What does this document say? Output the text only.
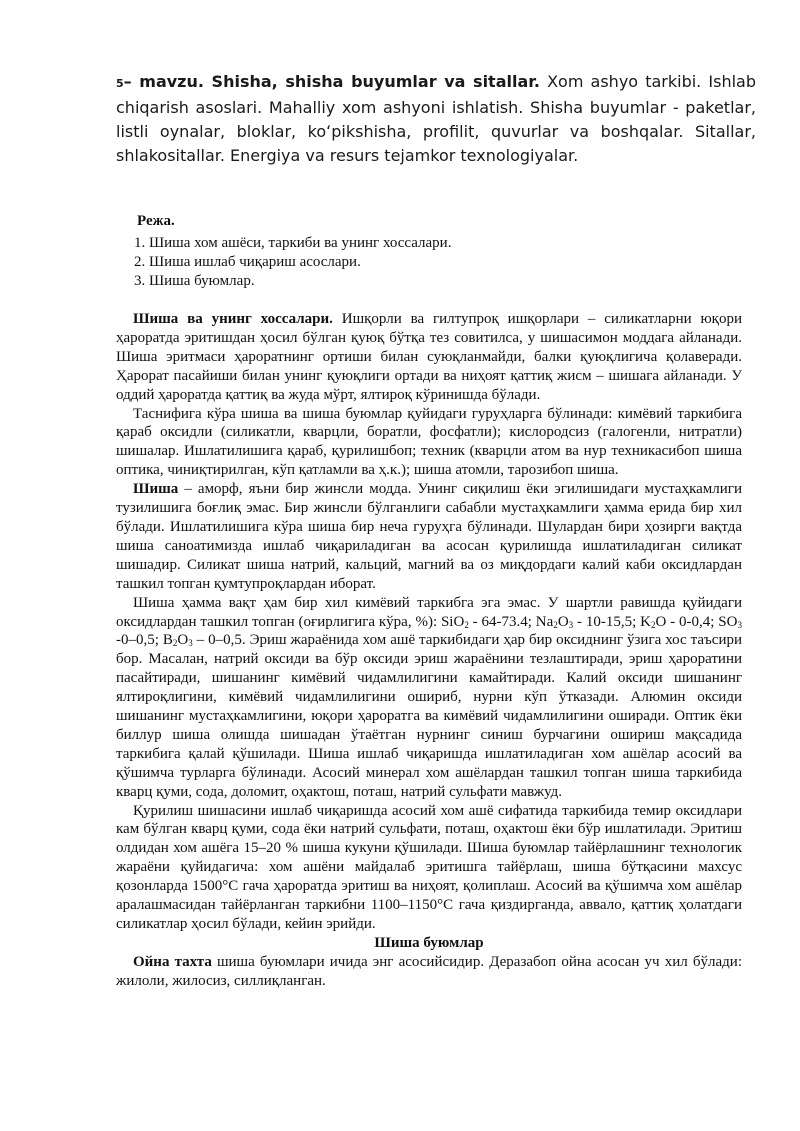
5– mavzu. Shisha, shisha buyumlar va sitallar. Xom ashyo tarkibi. Ishlab chiqarish asoslari. Mahalliy xom ashyoni ishlatish. Shisha buyumlar - paketlar, listli oynalar, bloklar, koʻpikshisha, profilit, quvurlar va boshqalar. Sitallar, shlakositallar. Energiya va resurs tejamkor texnologiyalar.
Режа.
1. Шиша хом ашёси, таркиби ва унинг хоссалари.
2. Шиша ишлаб чиқариш асослари.
3. Шиша буюмлар.

Шиша ва унинг хоссалари. Ишқорли ва гилтупроқ ишқорлари – силикатларни юқори ҳароратда эритишдан ҳосил бўлган қуюқ бўтқа тез совитилса, у шишасимон моддага айланади. Шиша эритмаси ҳароратнинг ортиши билан суюқланмайди, балки қуюқлигича қолаверади. Ҳарорат пасайиши билан унинг қуюқлиги ортади ва ниҳоят қаттиқ жисм – шишага айланади. У оддий ҳароратда қаттиқ ва жуда мўрт, ялтироқ кўринишда бўлади.

Таснифига кўра шиша ва шиша буюмлар қуйидаги гуруҳларга бўлинади: кимёвий таркибига қараб оксидли (силикатли, кварцли, боратли, фосфатли); кислородсиз (галогенли, нитратли) шишалар. Ишлатилишига қараб, қурилишбоп; техник (кварцли атом ва нур техникасибоп шиша оптика, чиниқтирилган, кўп қатламли ва ҳ.к.); шиша атомли, тарозибоп шиша.

Шиша – аморф, яъни бир жинсли модда. Унинг сиқилиш ёки эгилишидаги мустаҳкамлиги тузилишига боғлиқ эмас. Бир жинсли бўлганлиги сабабли мустаҳкамлиги ҳамма ерида бир хил бўлади. Ишлатилишига кўра шиша бир неча гуруҳга бўлинади. Шулардан бири ҳозирги вақтда шиша саноатимизда ишлаб чиқариладиган ва асосан қурилишда ишлатиладиган силикат шишадир. Силикат шиша натрий, кальций, магний ва оз миқдордаги калий каби оксидлардан ташкил топган қумтупроқлардан иборат.

Шиша ҳамма вақт ҳам бир хил кимёвий таркибга эга эмас. У шартли равишда қуйидаги оксидлардан ташкил топган (оғирлигига кўра, %): SiO$_2$ - 64-73.4; $Na_2O_3 - 10-15,5$; $K_2O - 0-0,4$; $SO_3$ -0–0,5; $B_2O_3 - 0-0,5$. Эриш жараёнида хом ашё таркибидаги ҳар бир оксиднинг ўзига хос таъсири бор. Масалан, натрий оксиди ва бўр оксиди эриш жараёнини тезлаштиради, эриш ҳароратини пасайтиради, шишанинг кимёвий чидамлилигини камайтиради. Калий оксиди шишанинг ялтироқлигини, кимёвий чидамлилигини ошириб, нурни кўп ўтказади. Алюмин оксиди шишанинг мустаҳкамлигини, юқори ҳароратга ва кимёвий чидамлилигини оширади. Оптик ёки биллур шиша олишда шишадан ўтаётган нурнинг синиш бурчагини ошириш мақсадида таркибига қалай қўшилади. Шиша ишлаб чиқаришда ишлатиладиган хом ашёлар асосий ва қўшимча турларга бўлинади. Асосий минерал хом ашёлардан ташкил топган шиша таркибида кварц қуми, сода, доломит, оҳактош, поташ, натрий сульфати мавжуд.

Қурилиш шишасини ишлаб чиқаришда асосий хом ашё сифатида таркибида темир оксидлари кам бўлган кварц қуми, сода ёки натрий сульфати, поташ, оҳактош ёки бўр ишлатилади. Эритиш олдидан хом ашёга 15–20 % шиша кукуни қўшилади. Шиша буюмлар тайёрлашнинг технологик жараёни қуйидагича: хом ашёни майдалаб эритишга тайёрлаш, шиша бўтқасини махсус қозонларда 1500°С гача ҳароратда эритиш ва ниҳоят, қолиплаш. Асосий ва қўшимча хом ашёлар аралашмасидан тайёрланган таркибни 1100–1150°С гача қиздирганда, аввало, қаттиқ ҳолатдаги силикатлар ҳосил бўлади, кейин эрийди.

Шиша буюмлар

Ойна тахта шиша буюмлари ичида энг асосийсидир. Деразабоп ойна асосан уч хил бўлади: жилоли, жилосиз, силлиқланган.
